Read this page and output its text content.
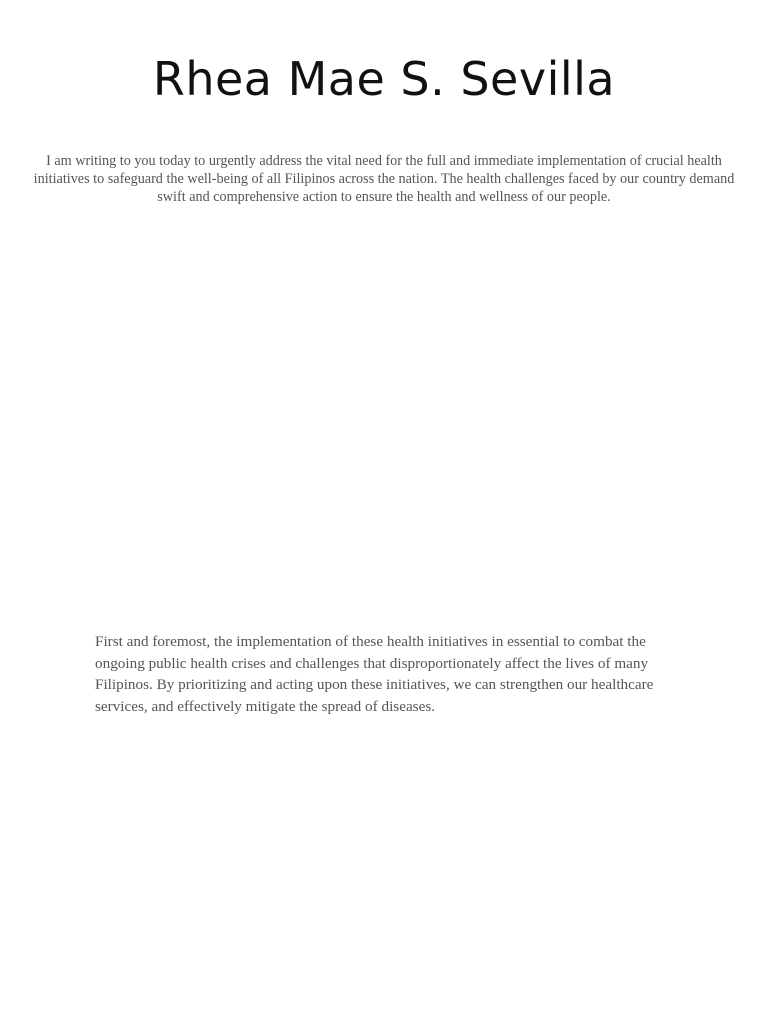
Rhea Mae S. Sevilla

I am writing to you today to urgently address the vital need for the full and immediate implementation of crucial health initiatives to safeguard the well-being of all Filipinos across the nation. The health challenges faced by our country demand swift and comprehensive action to ensure the health and wellness of our people.

First and foremost, the implementation of these health initiatives in essential to combat the ongoing public health crises and challenges that disproportionately affect the lives of many Filipinos. By prioritizing and acting upon these initiatives, we can strengthen our healthcare services, and effectively mitigate the spread of diseases.
